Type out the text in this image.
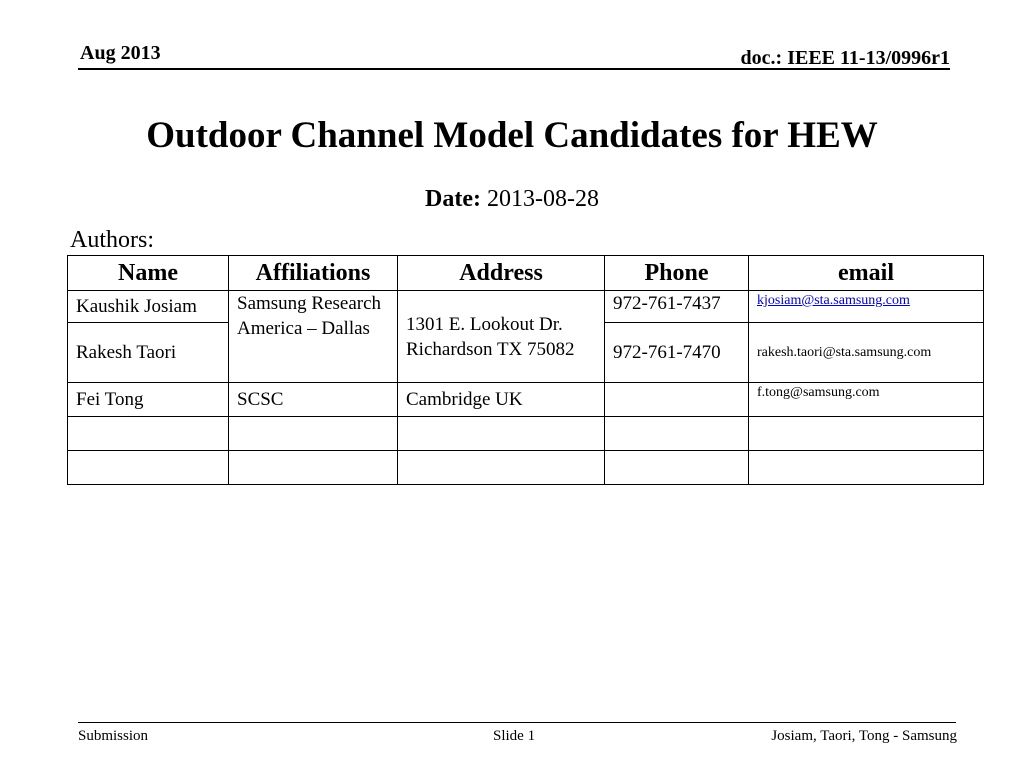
Aug 2013	doc.: IEEE 11-13/0996r1
Outdoor Channel Model Candidates for HEW
Date: 2013-08-28
Authors:
Name	Affiliations	Address	Phone	email
Kaushik Josiam	Samsung Research America – Dallas	1301 E. Lookout Dr. Richardson TX 75082	972-761-7437	kjosiam@sta.samsung.com
Rakesh Taori			972-761-7470	rakesh.taori@sta.samsung.com
Fei Tong	SCSC	Cambridge UK		f.tong@samsung.com

Submission	Slide 1	Josiam, Taori, Tong - Samsung
